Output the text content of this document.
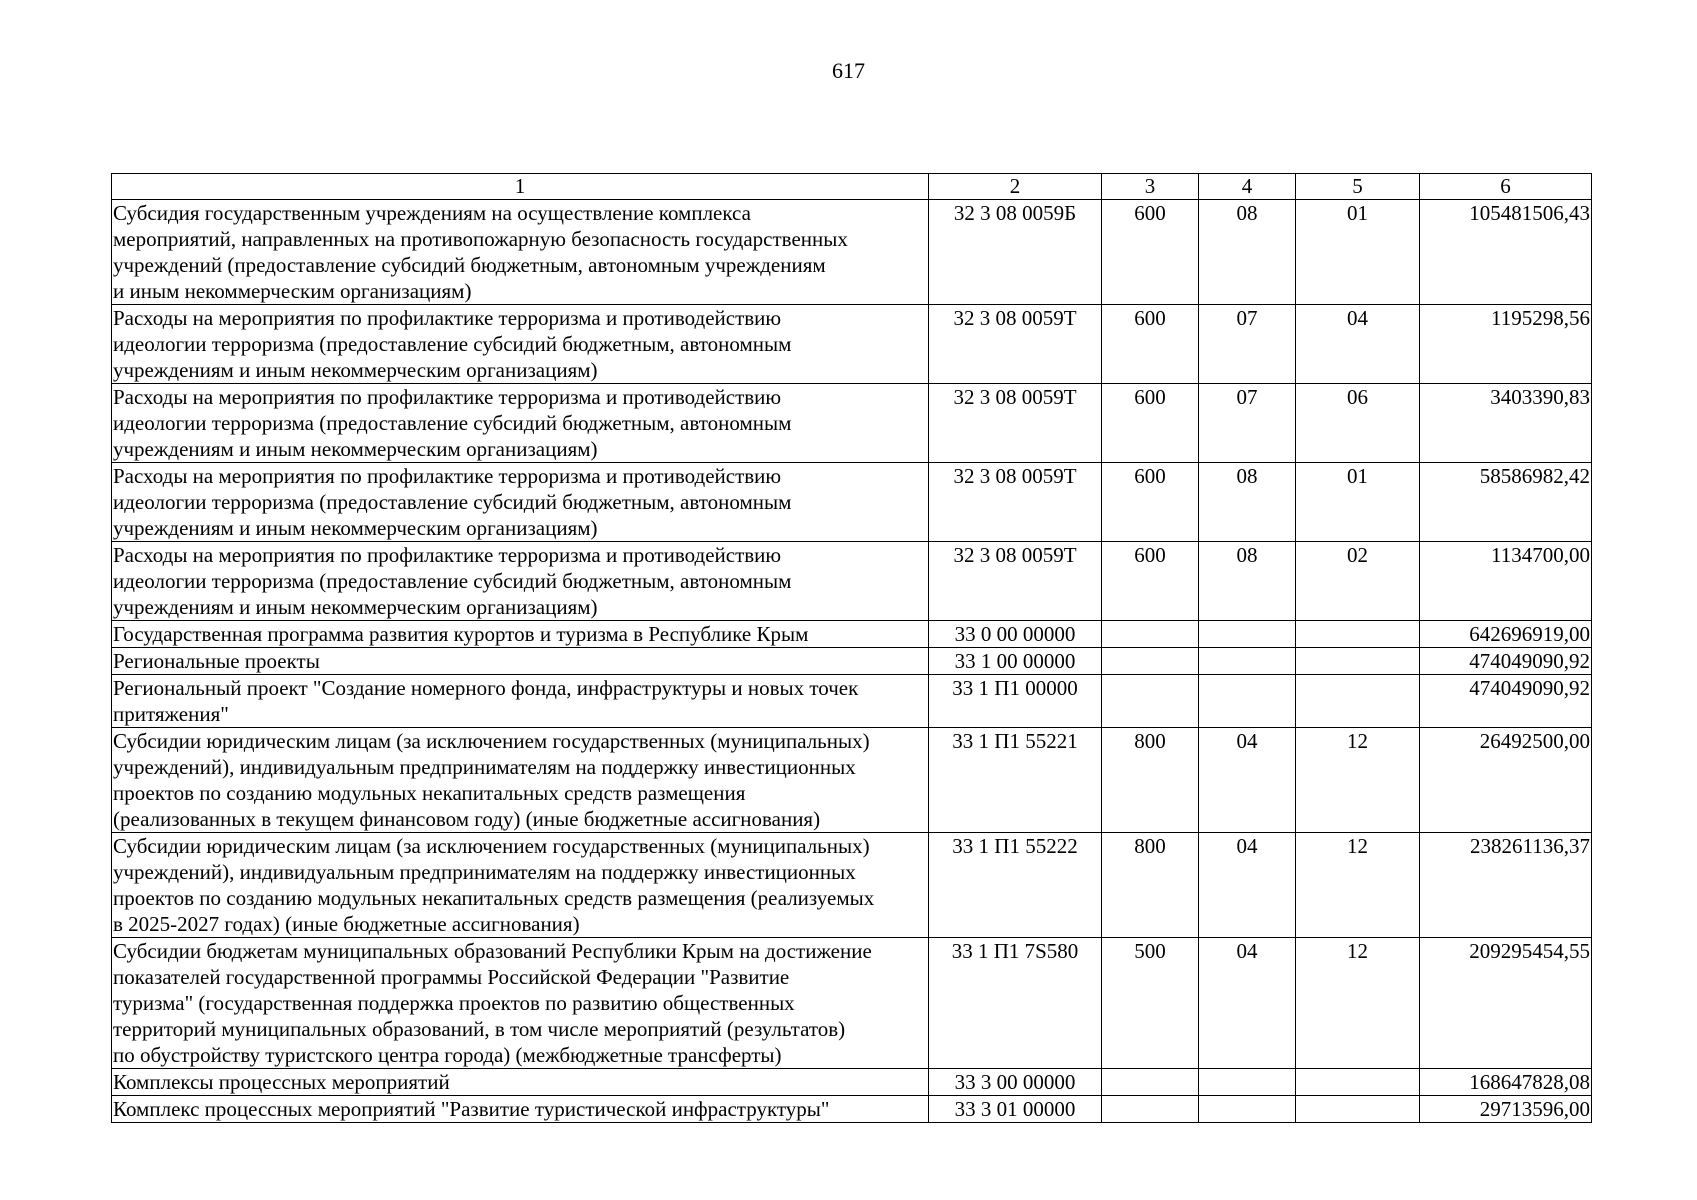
617
1	2	3	4	5	6
Субсидия государственным учреждениям на осуществление комплекса
мероприятий, направленных на противопожарную безопасность государственных
учреждений (предоставление субсидий бюджетным, автономным учреждениям
и иным некоммерческим организациям)	32 3 08 0059Б	600	08	01	105481506,43
Расходы на мероприятия по профилактике терроризма и противодействию
идеологии терроризма (предоставление субсидий бюджетным, автономным
учреждениям и иным некоммерческим организациям)	32 3 08 0059Т	600	07	04	1195298,56
Расходы на мероприятия по профилактике терроризма и противодействию
идеологии терроризма (предоставление субсидий бюджетным, автономным
учреждениям и иным некоммерческим организациям)	32 3 08 0059Т	600	07	06	3403390,83
Расходы на мероприятия по профилактике терроризма и противодействию
идеологии терроризма (предоставление субсидий бюджетным, автономным
учреждениям и иным некоммерческим организациям)	32 3 08 0059Т	600	08	01	58586982,42
Расходы на мероприятия по профилактике терроризма и противодействию
идеологии терроризма (предоставление субсидий бюджетным, автономным
учреждениям и иным некоммерческим организациям)	32 3 08 0059Т	600	08	02	1134700,00
Государственная программа развития курортов и туризма в Республике Крым	33 0 00 00000				642696919,00
Региональные проекты	33 1 00 00000				474049090,92
Региональный проект "Создание номерного фонда, инфраструктуры и новых точек
притяжения"	33 1 П1 00000				474049090,92
Субсидии юридическим лицам (за исключением государственных (муниципальных)
учреждений), индивидуальным предпринимателям на поддержку инвестиционных
проектов по созданию модульных некапитальных средств размещения
(реализованных в текущем финансовом году) (иные бюджетные ассигнования)	33 1 П1 55221	800	04	12	26492500,00
Субсидии юридическим лицам (за исключением государственных (муниципальных)
учреждений), индивидуальным предпринимателям на поддержку инвестиционных
проектов по созданию модульных некапитальных средств размещения (реализуемых
в 2025-2027 годах) (иные бюджетные ассигнования)	33 1 П1 55222	800	04	12	238261136,37
Субсидии бюджетам муниципальных образований Республики Крым на достижение
показателей государственной программы Российской Федерации "Развитие
туризма" (государственная поддержка проектов по развитию общественных
территорий муниципальных образований, в том числе мероприятий (результатов)
по обустройству туристского центра города) (межбюджетные трансферты)	33 1 П1 7S580	500	04	12	209295454,55
Комплексы процессных мероприятий	33 3 00 00000				168647828,08
Комплекс процессных мероприятий "Развитие туристической инфраструктуры"	33 3 01 00000				29713596,00
